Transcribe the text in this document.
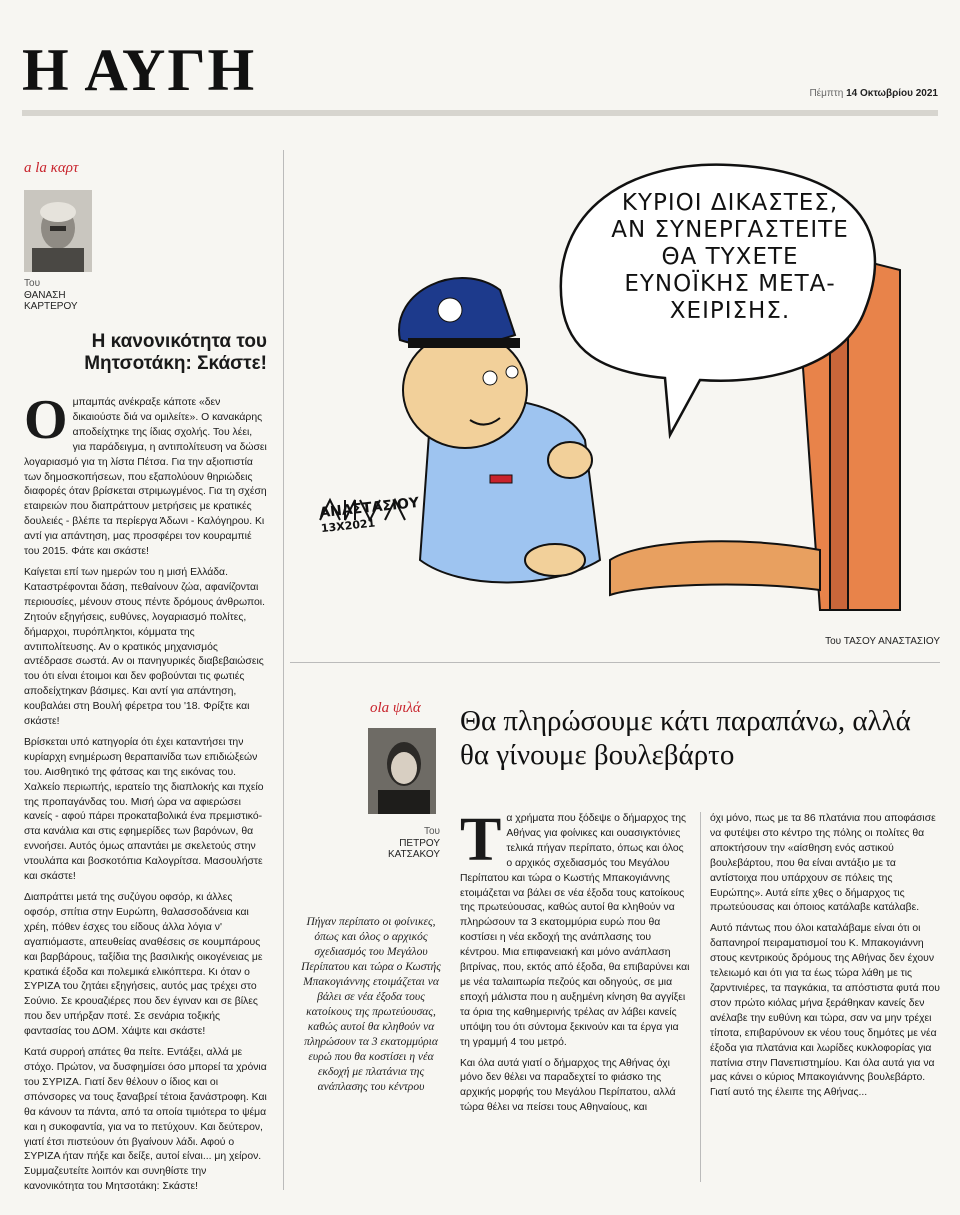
Η ΑΥΓΗ	Πέμπτη 14 Οκτωβρίου 2021
a la καρτ
Του
ΘΑΝΑΣΗ ΚΑΡΤΕΡΟΥ
Η κανονικότητα του Μητσοτάκη: Σκάστε!

Ομπαμπάς ανέκραξε κάποτε «δεν δικαιούστε διά να ομιλείτε». Ο κανακάρης αποδείχτηκε της ίδιας σχολής. Του λέει, για παράδειγμα, η αντιπολίτευση να δώσει λογαριασμό για τη λίστα Πέτσα. Για την αξιοπιστία των δημοσκοπήσεων, που εξαπολύουν θηριώδεις διαφορές όταν βρίσκεται στριμωγμένος. Για τη σχέση εταιρειών που διαπράττουν μετρήσεις με κρατικές δουλειές - βλέπε τα περίεργα Άδωνι - Καλόγηρου. Κι αντί για απάντηση, μας προσφέρει τον κουραμπιέ του 2015. Φάτε και σκάστε!

Καίγεται επί των ημερών του η μισή Ελλάδα. Καταστρέφονται δάση, πεθαίνουν ζώα, αφανίζονται περιουσίες, μένουν στους πέντε δρόμους άνθρωποι. Ζητούν εξηγήσεις, ευθύνες, λογαριασμό πολίτες, δήμαρχοι, πυρόπληκτοι, κόμματα της αντιπολίτευσης. Αν ο κρατικός μηχανισμός αντέδρασε σωστά. Αν οι πανηγυρικές διαβεβαιώσεις του ότι είναι έτοιμοι και δεν φοβούνται τις φωτιές αποδείχτηκαν βάσιμες. Και αντί για απάντηση, κουβαλάει στη Βουλή φέρετρα του '18. Φρίξτε και σκάστε!

Βρίσκεται υπό κατηγορία ότι έχει καταντήσει την κυρίαρχη ενημέρωση θεραπαινίδα των επιδιώξεών του. Αισθητικό της φάτσας και της εικόνας του. Χαλκείο περιωπής, ιερατείο της διαπλοκής και πχείο της προπαγάνδας του. Μισή ώρα να αφιερώσει κανείς - αφού πάρει προκαταβολικά ένα πρεμιστικό- στα κανάλια και στις εφημερίδες των βαρόνων, θα εννοήσει. Αυτός όμως απαντάει με σκελετούς στην ντουλάπα και βοσκοτόπια Καλογρίτσα. Μασουλήστε και σκάστε!

Διαπράττει μετά της συζύγου οφσόρ, κι άλλες οφσόρ, σπίτια στην Ευρώπη, θαλασσοδάνεια και χρέη, πόθεν έσχες του είδους άλλα λόγια ν' αγαπιόμαστε, απευθείας αναθέσεις σε κουμπάρους και βαρβάρους, ταξίδια της βασιλικής οικογένειας με κρατικά έξοδα και πολεμικά ελικόπτερα. Κι όταν ο ΣΥΡΙΖΑ του ζητάει εξηγήσεις, αυτός μας τρέχει στο Σούνιο. Σε κρουαζιέρες που δεν έγιναν και σε βίλες που δεν υπήρξαν ποτέ. Σε σενάρια τοξικής φαντασίας του ΔΟΜ. Χάψτε και σκάστε!

Κατά συρροή απάτες θα πείτε. Εντάξει, αλλά με στόχο. Πρώτον, να δυσφημίσει όσο μπορεί τα χρόνια του ΣΥΡΙΖΑ. Γιατί δεν θέλουν ο ίδιος και οι σπόνσορες να τους ξαναβρεί τέτοια ξανάστροφη. Και θα κάνουν τα πάντα, από τα οποία τιμιότερα το ψέμα και η συκοφαντία, για να το πετύχουν. Και δεύτερον, γιατί έτσι πιστεύουν ότι βγαίνουν λάδι. Αφού ο ΣΥΡΙΖΑ ήταν πήξε και δείξε, αυτοί είναι... μη χείρον. Συμμαζευτείτε λοιπόν και συνηθίστε την κανονικότητα του Μητσοτάκη: Σκάστε!

ΚΥΡΙΟΙ ΔΙΚΑΣΤΕΣ,
ΑΝ ΣΥΝΕΡΓΑΣΤΕΙΤΕ
ΘΑ ΤΥΧΕΤΕ
ΕΥΝΟΪΚΗΣ ΜΕΤΑ-
ΧΕΙΡΙΣΗΣ.
ΑΝΑΣΤΑΣΙΟΥ
13Χ2021
Του ΤΑΣΟΥ ΑΝΑΣΤΑΣΙΟΥ
ola ψιλά
Του
ΠΕΤΡΟΥ ΚΑΤΣΑΚΟΥ
Θα πληρώσουμε κάτι παραπάνω, αλλά θα γίνουμε βουλεβάρτο
Πήγαν περίπατο οι φοίνικες, όπως και όλος ο αρχικός σχεδιασμός του Μεγάλου Περίπατου και τώρα ο Κωστής Μπακογιάννης ετοιμάζεται να βάλει σε νέα έξοδα τους κατοίκους της πρωτεύουσας, καθώς αυτοί θα κληθούν να πληρώσουν τα 3 εκατομμύρια ευρώ που θα κοστίσει η νέα εκδοχή με πλατάνια της ανάπλασης του κέντρου

Τα χρήματα που ξόδεψε ο δήμαρχος της Αθήνας για φοίνικες και ουασιγκτόνιες τελικά πήγαν περίπατο, όπως και όλος ο αρχικός σχεδιασμός του Μεγάλου Περίπατου και τώρα ο Κωστής Μπακογιάννης ετοιμάζεται να βάλει σε νέα έξοδα τους κατοίκους της πρωτεύουσας, καθώς αυτοί θα κληθούν να πληρώσουν τα 3 εκατομμύρια ευρώ που θα κοστίσει η νέα εκδοχή της ανάπλασης του κέντρου. Μια επιφανειακή και μόνο ανάπλαση βιτρίνας, που, εκτός από έξοδα, θα επιβαρύνει και με νέα ταλαιπωρία πεζούς και οδηγούς, σε μια εποχή μάλιστα που η αυξημένη κίνηση θα αγγίξει τα όρια της καθημερινής τρέλας αν λάβει κανείς υπόψη του ότι σύντομα ξεκινούν και τα έργα για τη γραμμή 4 του μετρό.

Και όλα αυτά γιατί ο δήμαρχος της Αθήνας όχι μόνο δεν θέλει να παραδεχτεί το φιάσκο της αρχικής μορφής του Μεγάλου Περίπατου, αλλά τώρα θέλει να πείσει τους Αθηναίους, και

όχι μόνο, πως με τα 86 πλατάνια που αποφάσισε να φυτέψει στο κέντρο της πόλης οι πολίτες θα αποκτήσουν την «αίσθηση ενός αστικού βουλεβάρτου, που θα είναι αντάξιο με τα αντίστοιχα που υπάρχουν σε πόλεις της Ευρώπης». Αυτά είπε χθες ο δήμαρχος τις πρωτεύουσας και όποιος κατάλαβε κατάλαβε.

Αυτό πάντως που όλοι καταλάβαμε είναι ότι οι δαπανηροί πειραματισμοί του Κ. Μπακογιάννη στους κεντρικούς δρόμους της Αθήνας δεν έχουν τελειωμό και ότι για τα έως τώρα λάθη με τις ζαρντινιέρες, τα παγκάκια, τα απόστιστα φυτά που στον πρώτο κιόλας μήνα ξεράθηκαν κανείς δεν ανέλαβε την ευθύνη και τώρα, σαν να μην τρέχει τίποτα, επιβαρύνουν εκ νέου τους δημότες με νέα έξοδα για πλατάνια και λωρίδες κυκλοφορίας για πατίνια στην Πανεπιστημίου. Και όλα αυτά για να μας κάνει ο κύριος Μπακογιάννης βουλεβάρτο. Γιατί αυτό της έλειπε της Αθήνας...
